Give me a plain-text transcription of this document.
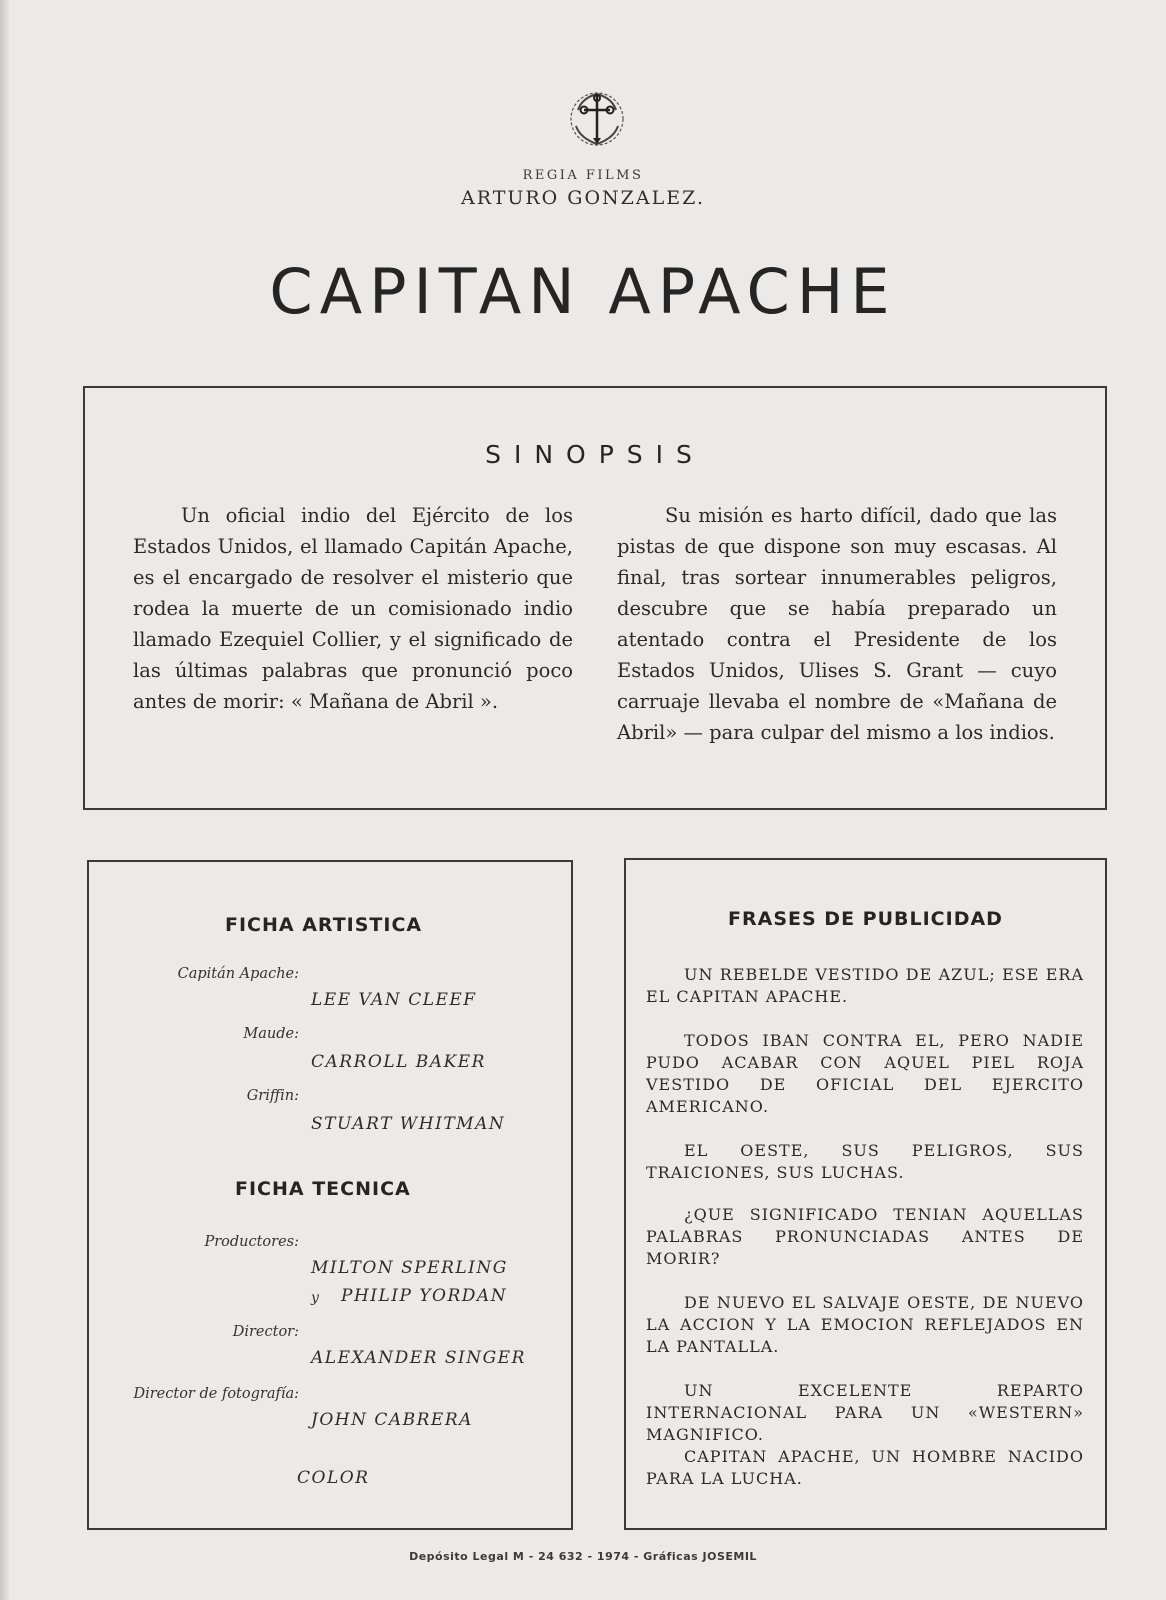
REGIA FILMS
ARTURO GONZALEZ.
CAPITAN APACHE
SINOPSIS

Un oficial indio del Ejército de los Estados Unidos, el llamado Capitán Apache, es el encargado de resolver el misterio que rodea la muerte de un comisionado indio llamado Ezequiel Collier, y el significado de las últimas palabras que pronunció poco antes de morir: « Mañana de Abril ».

Su misión es harto difícil, dado que las pistas de que dispone son muy escasas. Al final, tras sortear innumerables peligros, descubre que se había preparado un atentado contra el Presidente de los Estados Unidos, Ulises S. Grant — cuyo carruaje llevaba el nombre de «Mañana de Abril» — para culpar del mismo a los indios.

FICHA ARTISTICA
Capitán Apache:
LEE VAN CLEEF
Maude:
CARROLL BAKER
Griffin:
STUART WHITMAN
FICHA TECNICA
Productores:
MILTON SPERLING
y PHILIP YORDAN
Director:
ALEXANDER SINGER
Director de fotografía:
JOHN CABRERA
COLOR
FRASES DE PUBLICIDAD
UN REBELDE VESTIDO DE AZUL; ESE ERA EL CAPITAN APACHE.
TODOS IBAN CONTRA EL, PERO NADIE PUDO ACABAR CON AQUEL PIEL ROJA VESTIDO DE OFICIAL DEL EJERCITO AMERICANO.
EL OESTE, SUS PELIGROS, SUS TRAICIONES, SUS LUCHAS.
¿QUE SIGNIFICADO TENIAN AQUELLAS PALABRAS PRONUNCIADAS ANTES DE MORIR?
DE NUEVO EL SALVAJE OESTE, DE NUEVO LA ACCION Y LA EMOCION REFLEJADOS EN LA PANTALLA.
UN EXCELENTE REPARTO INTERNACIONAL PARA UN «WESTERN» MAGNIFICO.
CAPITAN APACHE, UN HOMBRE NACIDO PARA LA LUCHA.
Depósito Legal M - 24 632 - 1974 - Gráficas JOSEMIL
